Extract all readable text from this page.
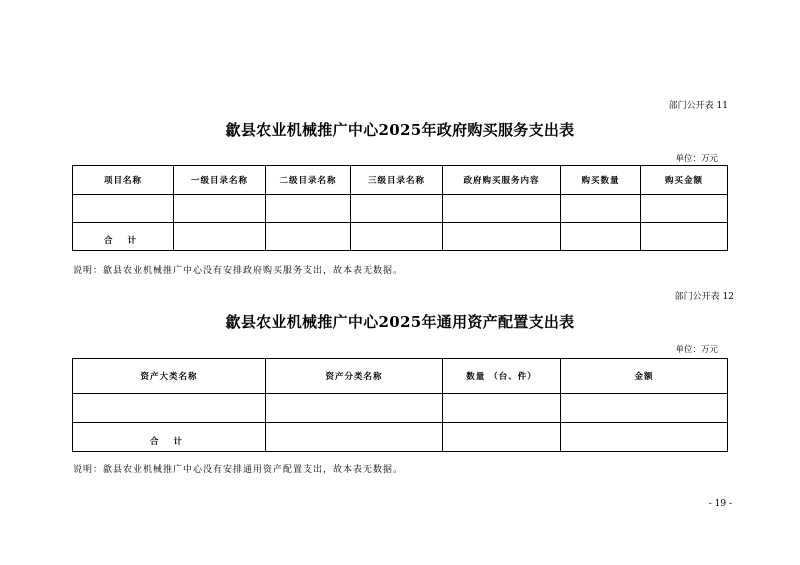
部门公开表 11
歙县农业机械推广中心2025年政府购买服务支出表
单位：万元
项目名称	一级目录名称	二级目录名称	三级目录名称	政府购买服务内容	购买数量	购买金额

合 计						
说明：歙县农业机械推广中心没有安排政府购买服务支出，故本表无数据。
部门公开表 12
歙县农业机械推广中心2025年通用资产配置支出表
单位：万元
资产大类名称	资产分类名称	数量 （台、件）	金额

合 计			
说明：歙县农业机械推广中心没有安排通用资产配置支出，故本表无数据。
- 19 -
